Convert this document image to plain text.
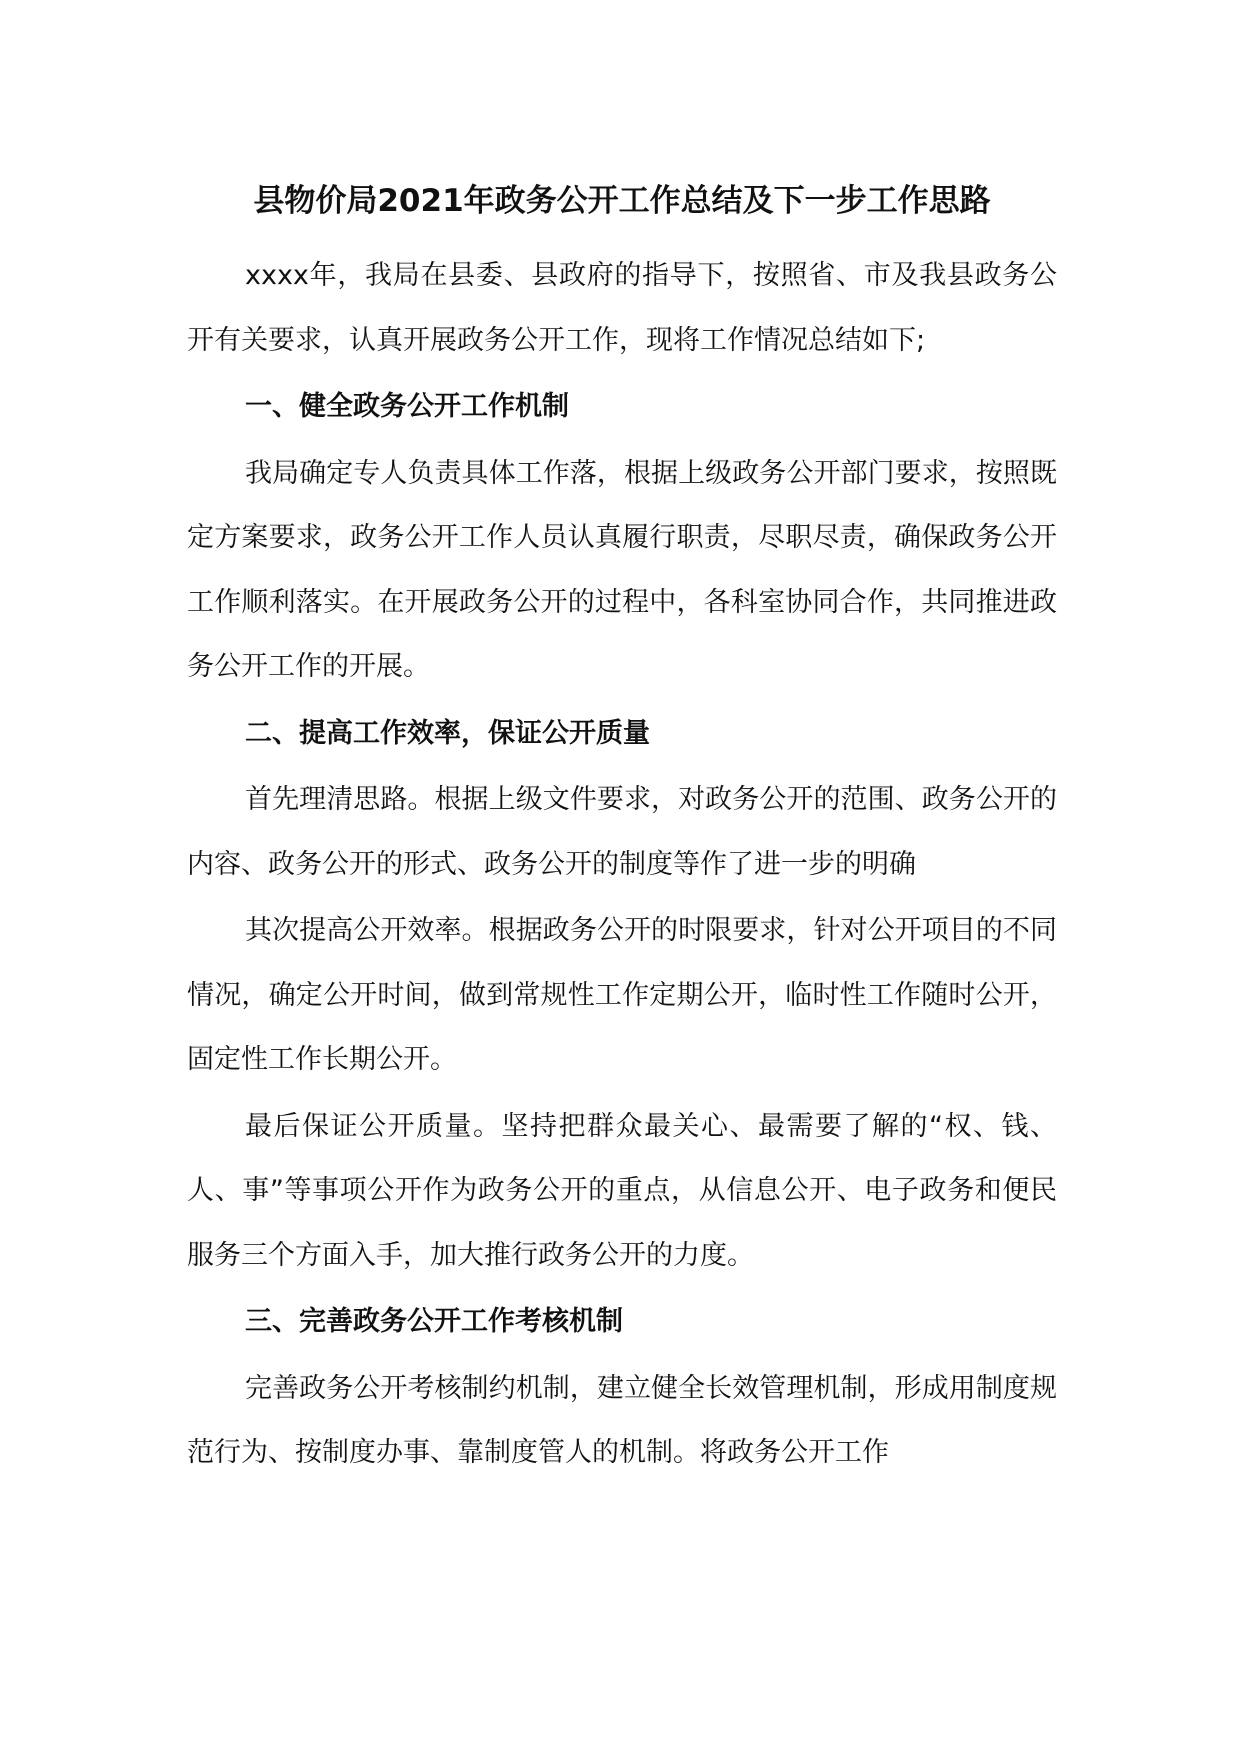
县物价局2021年政务公开工作总结及下一步工作思路

xxxx年，我局在县委、县政府的指导下，按照省、市及我县政务公开有关要求，认真开展政务公开工作，现将工作情况总结如下;

一、健全政务公开工作机制

我局确定专人负责具体工作落，根据上级政务公开部门要求，按照既定方案要求，政务公开工作人员认真履行职责，尽职尽责，确保政务公开工作顺利落实。在开展政务公开的过程中，各科室协同合作，共同推进政务公开工作的开展。

二、提高工作效率，保证公开质量

首先理清思路。根据上级文件要求，对政务公开的范围、政务公开的内容、政务公开的形式、政务公开的制度等作了进一步的明确

其次提高公开效率。根据政务公开的时限要求，针对公开项目的不同情况，确定公开时间，做到常规性工作定期公开，临时性工作随时公开，固定性工作长期公开。

最后保证公开质量。坚持把群众最关心、最需要了解的“权、钱、人、事”等事项公开作为政务公开的重点，从信息公开、电子政务和便民服务三个方面入手，加大推行政务公开的力度。

三、完善政务公开工作考核机制

完善政务公开考核制约机制，建立健全长效管理机制，形成用制度规范行为、按制度办事、靠制度管人的机制。将政务公开工作
